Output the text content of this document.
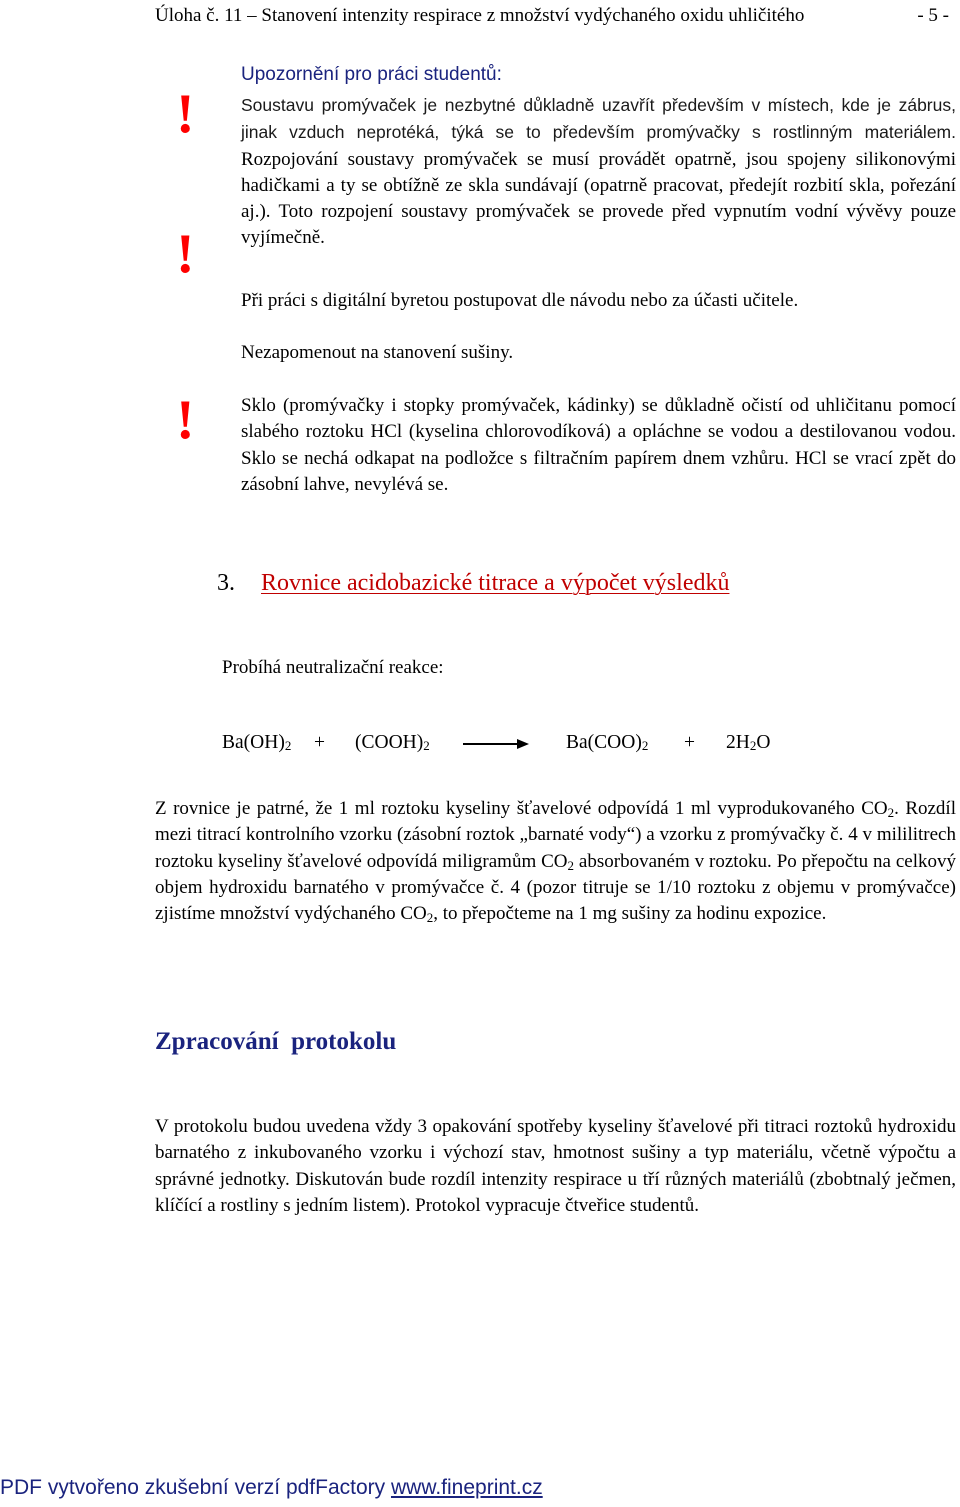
Úloha č. 11 – Stanovení intenzity respirace z množství vydýchaného oxidu uhličitého	- 5 -
!
!
!
Upozornění pro práci studentů:
Soustavu promývaček je nezbytné důkladně uzavřít především v místech, kde je zábrus, jinak vzduch neprotéká, týká se to především promývačky s rostlinným materiálem. Rozpojování soustavy promývaček se musí provádět opatrně, jsou spojeny silikonovými hadičkami a ty se obtížně ze skla sundávají (opatrně pracovat, předejít rozbití skla, pořezání aj.). Toto rozpojení soustavy promývaček se provede před vypnutím vodní vývěvy pouze vyjímečně.
Při práci s digitální byretou postupovat dle návodu nebo za účasti učitele.
Nezapomenout na stanovení sušiny.
Sklo (promývačky i stopky promývaček, kádinky) se důkladně očistí od uhličitanu pomocí slabého roztoku HCl (kyselina chlorovodíková) a opláchne se vodou a destilovanou vodou. Sklo se nechá odkapat na podložce s filtračním papírem dnem vzhůru. HCl se vrací zpět do zásobní lahve, nevylévá se.
3. Rovnice acidobazické titrace a výpočet výsledků
Probíhá neutralizační reakce:
$Ba(OH)_2$ + $(COOH)_2$	$Ba(COO)_2 + 2H_2O$
Z rovnice je patrné, že 1 ml roztoku kyseliny šťavelové odpovídá 1 ml vyprodukovaného $CO_2$. Rozdíl mezi titrací kontrolního vzorku (zásobní roztok „barnaté vody“) a vzorku z promývačky č. 4 v mililitrech roztoku kyseliny šťavelové odpovídá miligramům $CO_2$ absorbovaném v roztoku. Po přepočtu na celkový objem hydroxidu barnatého v promývačce č. 4 (pozor titruje se 1/10 roztoku z objemu v promývačce) zjistíme množství vydýchaného $CO_2$, to přepočteme na 1 mg sušiny za hodinu expozice.
Zpracování  protokolu
V protokolu budou uvedena vždy 3 opakování spotřeby kyseliny šťavelové při titraci roztoků hydroxidu barnatého z inkubovaného vzorku i výchozí stav, hmotnost sušiny a typ materiálu, včetně výpočtu a správné jednotky. Diskutován bude rozdíl intenzity respirace u tří různých materiálů (zbobtnalý ječmen, klíčící a rostliny s jedním listem). Protokol vypracuje čtveřice studentů.
PDF vytvořeno zkušební verzí pdfFactory www.fineprint.cz
